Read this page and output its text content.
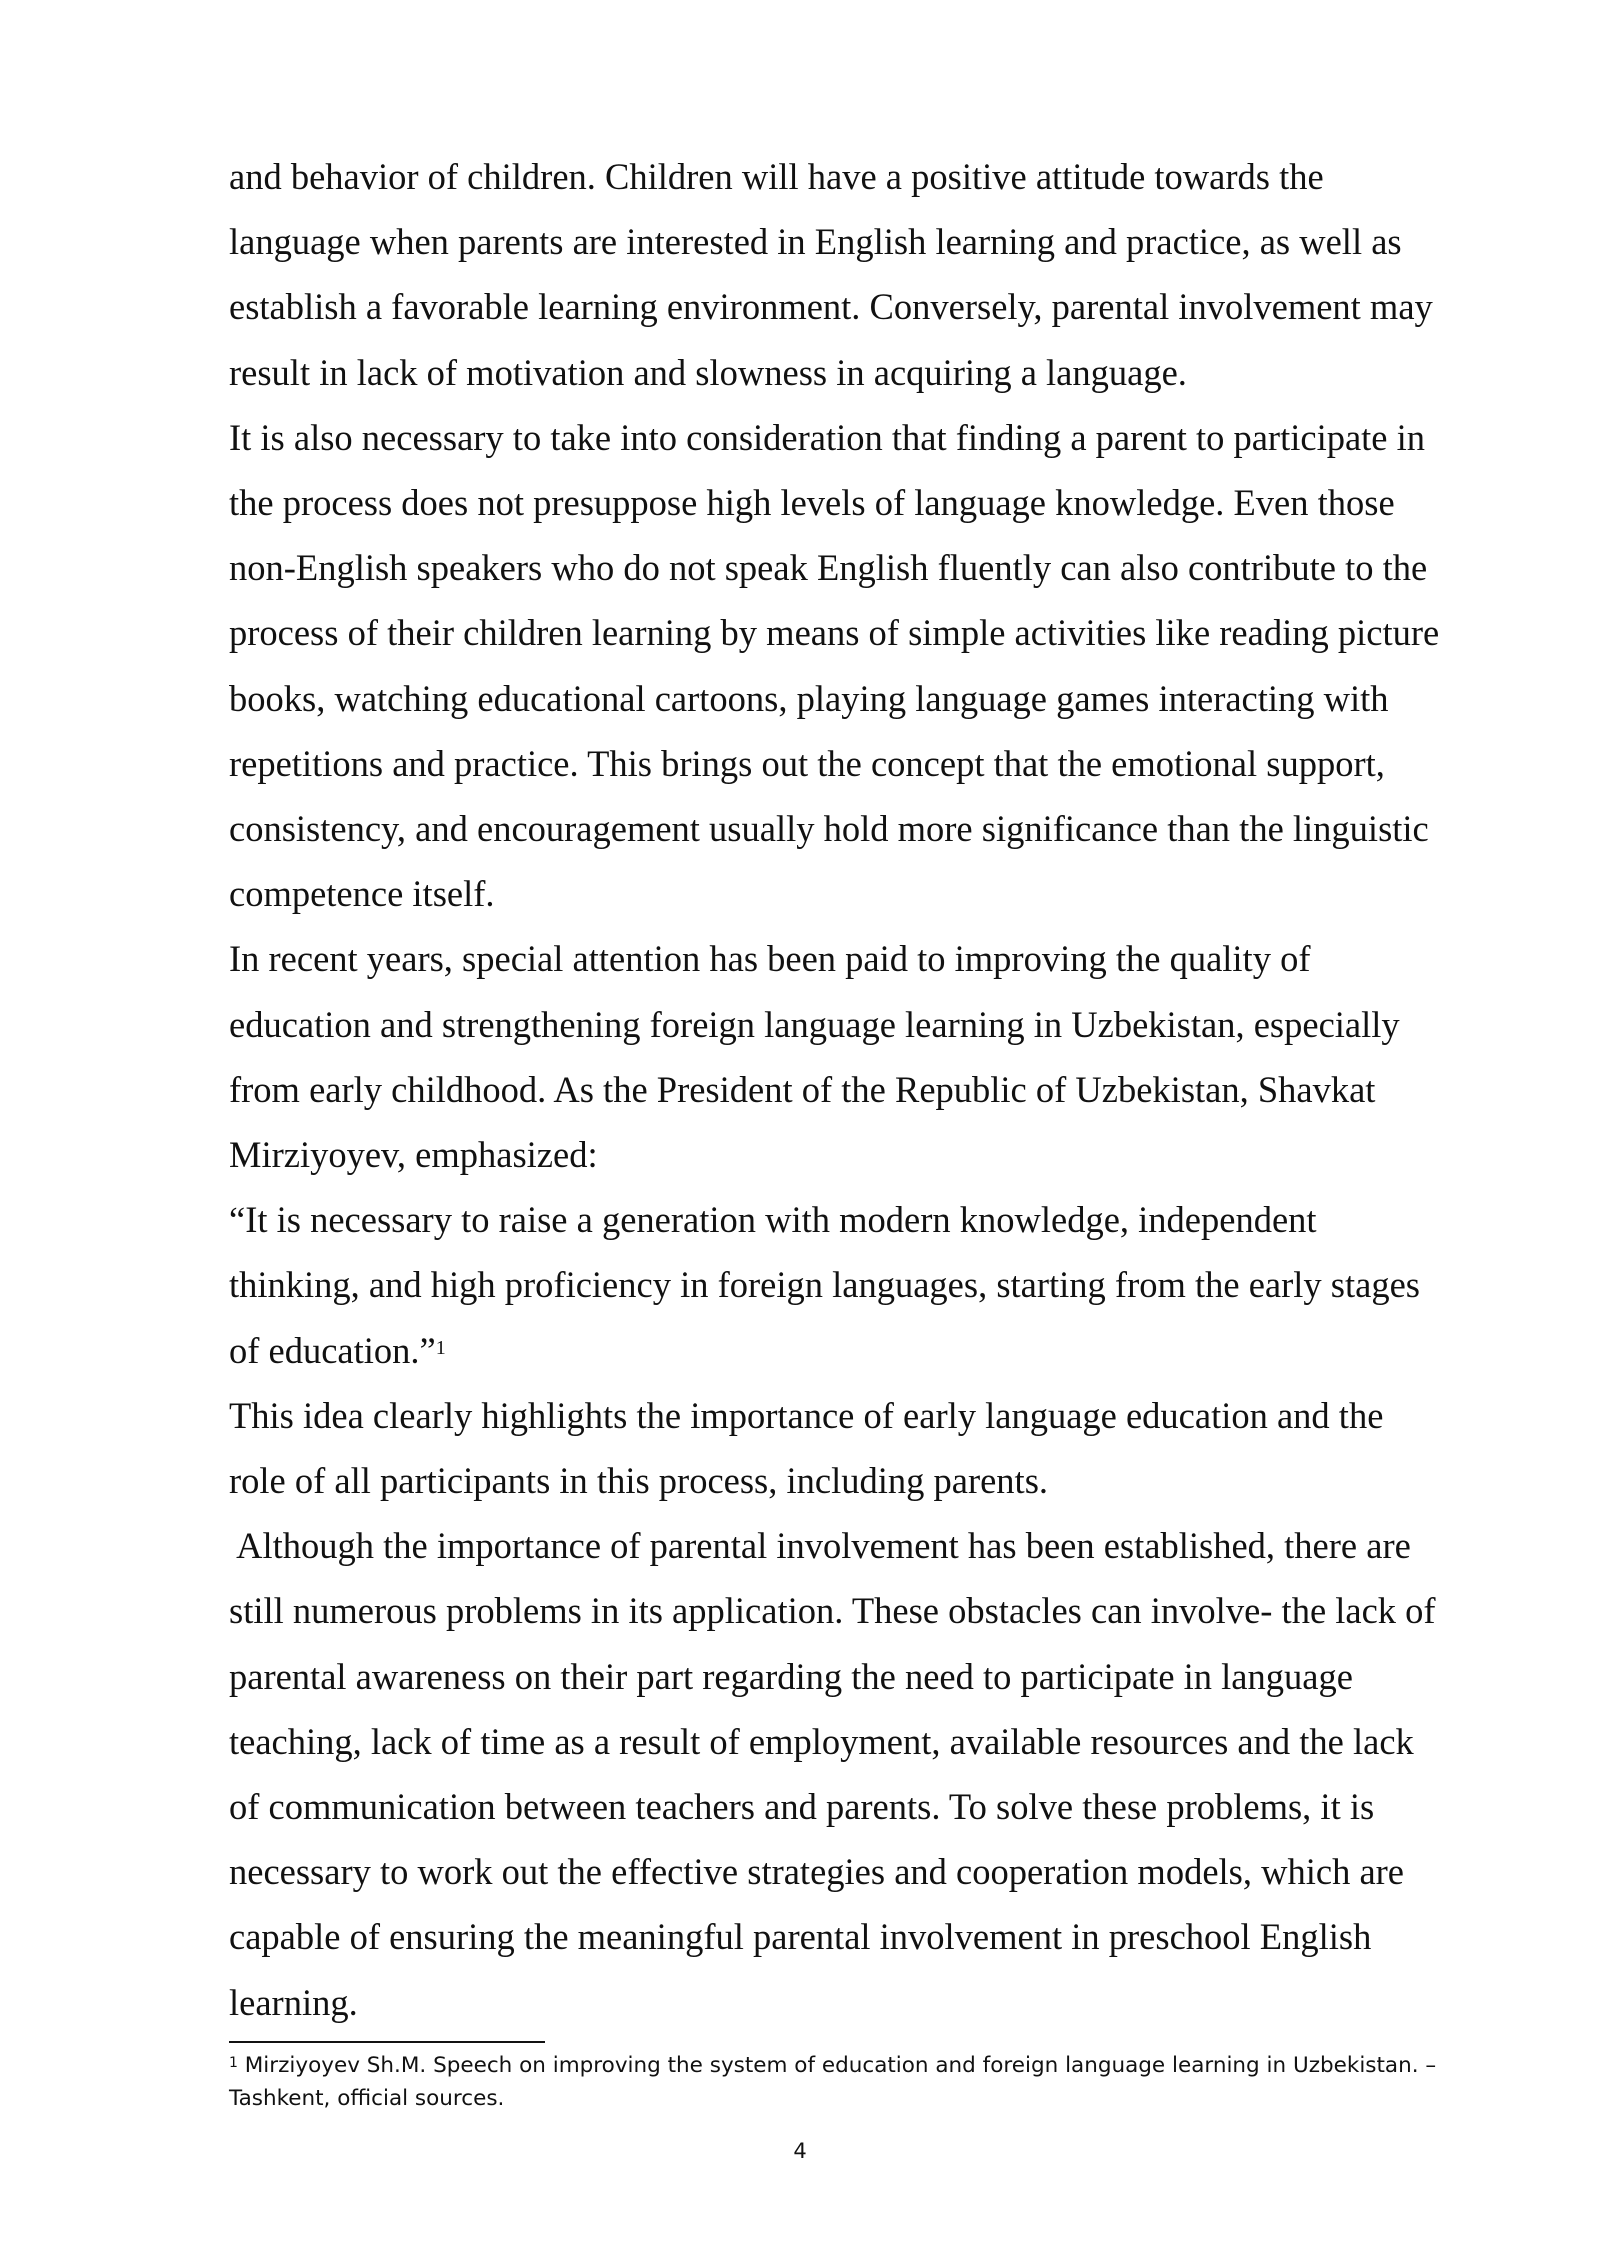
and behavior of children. Children will have a positive attitude towards the
language when parents are interested in English learning and practice, as well as
establish a favorable learning environment. Conversely, parental involvement may
result in lack of motivation and slowness in acquiring a language.
It is also necessary to take into consideration that finding a parent to participate in
the process does not presuppose high levels of language knowledge. Even those
non-English speakers who do not speak English fluently can also contribute to the
process of their children learning by means of simple activities like reading picture
books, watching educational cartoons, playing language games interacting with
repetitions and practice. This brings out the concept that the emotional support,
consistency, and encouragement usually hold more significance than the linguistic
competence itself.
In recent years, special attention has been paid to improving the quality of
education and strengthening foreign language learning in Uzbekistan, especially
from early childhood. As the President of the Republic of Uzbekistan, Shavkat
Mirziyoyev, emphasized:
“It is necessary to raise a generation with modern knowledge, independent
thinking, and high proficiency in foreign languages, starting from the early stages
of education.”$^1$
This idea clearly highlights the importance of early language education and the
role of all participants in this process, including parents.
Although the importance of parental involvement has been established, there are
still numerous problems in its application. These obstacles can involve- the lack of
parental awareness on their part regarding the need to participate in language
teaching, lack of time as a result of employment, available resources and the lack
of communication between teachers and parents. To solve these problems, it is
necessary to work out the effective strategies and cooperation models, which are
capable of ensuring the meaningful parental involvement in preschool English
learning.
$^1$ Mirziyoyev Sh.M. Speech on improving the system of education and foreign language learning in Uzbekistan. –
Tashkent, official sources.
4
